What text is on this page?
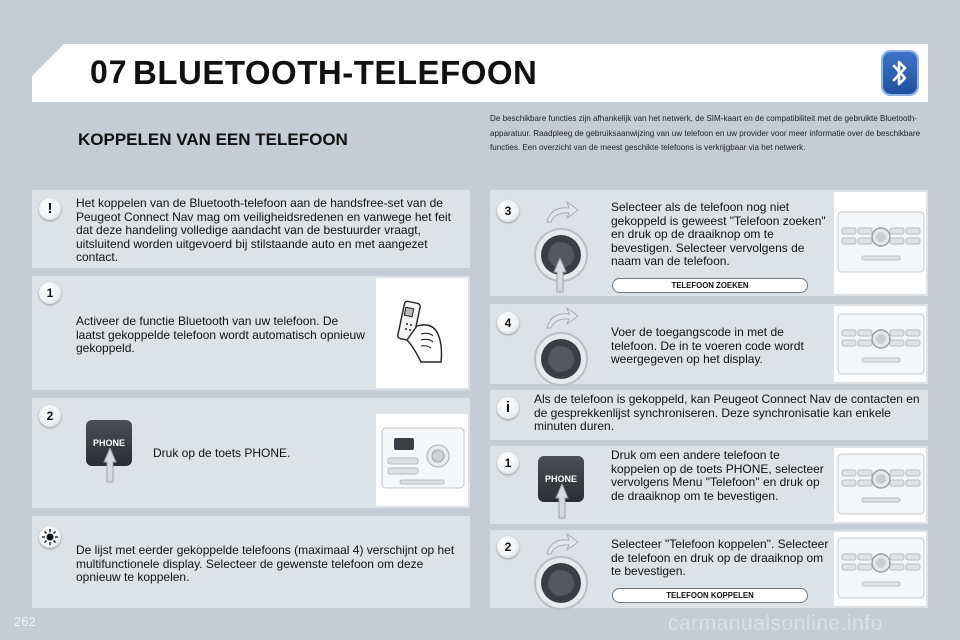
07 BLUETOOTH-TELEFOON
KOPPELEN VAN EEN TELEFOON
De beschikbare functies zijn afhankelijk van het netwerk, de SIM-kaart en de compatibiliteit met de gebruikte Bluetooth-apparatuur. Raadpleeg de gebruiksaanwijzing van uw telefoon en uw provider voor meer informatie over de beschikbare functies. Een overzicht van de meest geschikte telefoons is verkrijgbaar via het netwerk.
!	Het koppelen van de Bluetooth-telefoon aan de handsfree-set van de Peugeot Connect Nav mag om veiligheidsredenen en vanwege het feit dat deze handeling volledige aandacht van de bestuurder vraagt, uitsluitend worden uitgevoerd bij stilstaande auto en met aangezet contact.
1
Activeer de functie Bluetooth van uw telefoon. De laatst gekoppelde telefoon wordt automatisch opnieuw gekoppeld.
2
PHONE
Druk op de toets PHONE.
De lijst met eerder gekoppelde telefoons (maximaal 4) verschijnt op het multifunctionele display. Selecteer de gewenste telefoon om deze opnieuw te koppelen.
3	Selecteer als de telefoon nog niet gekoppeld is geweest "Telefoon zoeken" en druk op de draaiknop om te bevestigen. Selecteer vervolgens de naam van de telefoon.
TELEFOON ZOEKEN
4
Voer de toegangscode in met de telefoon. De in te voeren code wordt weergegeven op het display.
i	Als de telefoon is gekoppeld, kan Peugeot Connect Nav de contacten en de gesprekkenlijst synchroniseren. Deze synchronisatie kan enkele minuten duren.
1
PHONE
Druk om een andere telefoon te koppelen op de toets PHONE, selecteer vervolgens Menu "Telefoon" en druk op de draaiknop om te bevestigen.
2	Selecteer "Telefoon koppelen". Selecteer de telefoon en druk op de draaiknop om te bevestigen.
TELEFOON KOPPELEN
262	carmanualsonline.info
